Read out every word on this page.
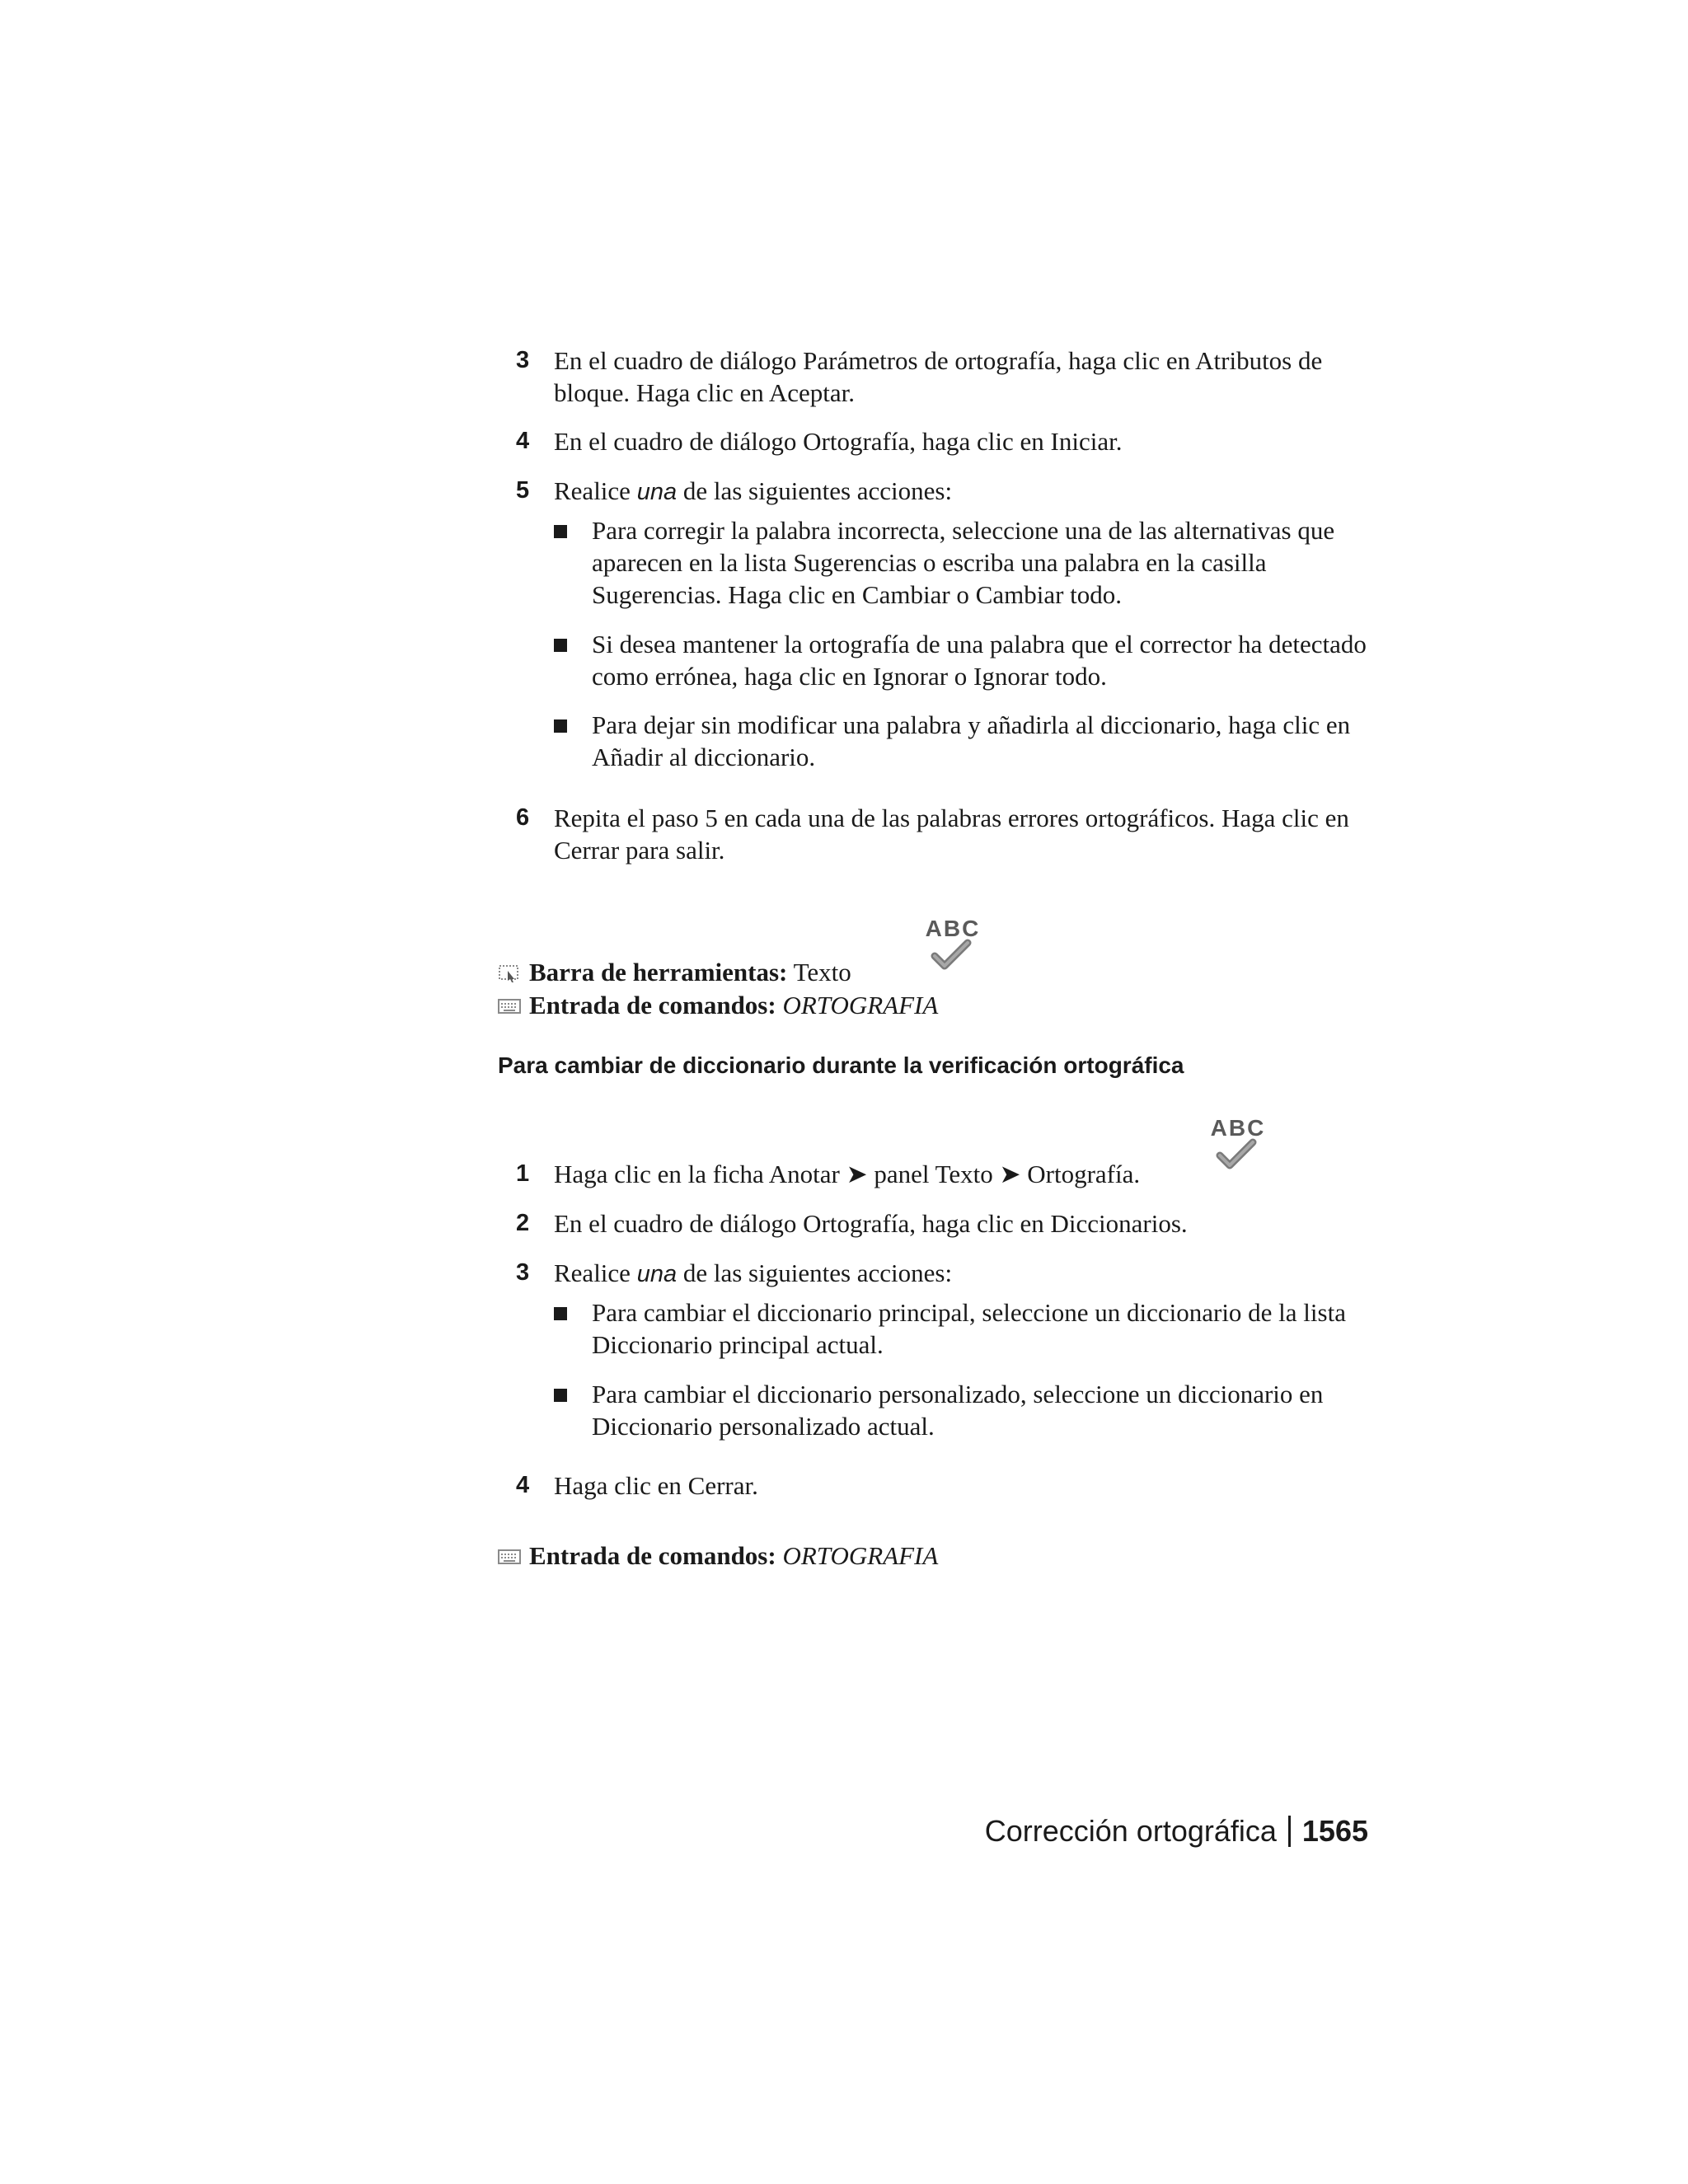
3 En el cuadro de diálogo Parámetros de ortografía, haga clic en Atributos de bloque. Haga clic en Aceptar.
4 En el cuadro de diálogo Ortografía, haga clic en Iniciar.
5 Realice una de las siguientes acciones:
Para corregir la palabra incorrecta, seleccione una de las alternativas que aparecen en la lista Sugerencias o escriba una palabra en la casilla Sugerencias. Haga clic en Cambiar o Cambiar todo.
Si desea mantener la ortografía de una palabra que el corrector ha detectado como errónea, haga clic en Ignorar o Ignorar todo.
Para dejar sin modificar una palabra y añadirla al diccionario, haga clic en Añadir al diccionario.
6 Repita el paso 5 en cada una de las palabras errores ortográficos. Haga clic en Cerrar para salir.
ABC
Barra de herramientas: Texto
Entrada de comandos: ORTOGRAFIA
Para cambiar de diccionario durante la verificación ortográfica
ABC
1 Haga clic en la ficha Anotar ➤ panel Texto ➤ Ortografía.
2 En el cuadro de diálogo Ortografía, haga clic en Diccionarios.
3 Realice una de las siguientes acciones:
Para cambiar el diccionario principal, seleccione un diccionario de la lista Diccionario principal actual.
Para cambiar el diccionario personalizado, seleccione un diccionario en Diccionario personalizado actual.
4 Haga clic en Cerrar.
Entrada de comandos: ORTOGRAFIA
Corrección ortográfica 1565
